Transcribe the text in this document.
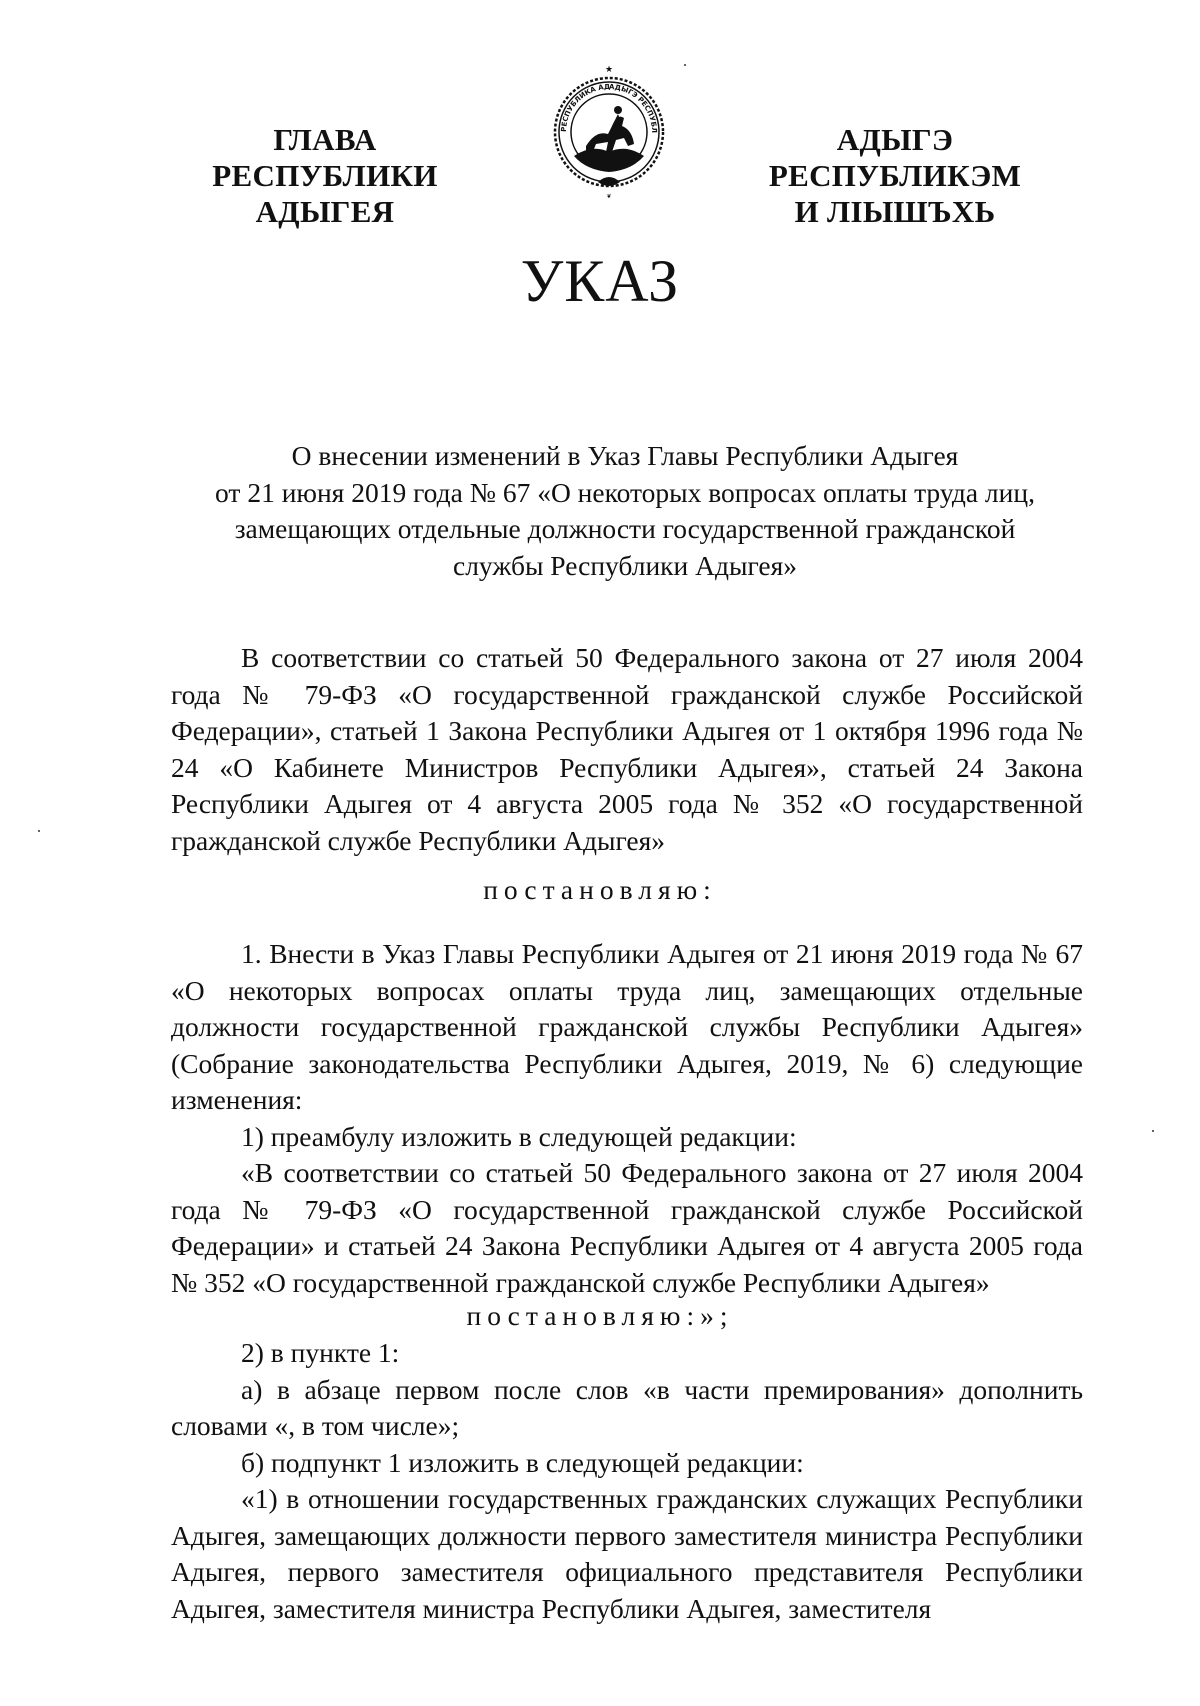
ГЛАВА
РЕСПУБЛИКИ АДЫГЕЯ
РЕСПУБЛИКА АД
АДЫГЭ РЕСПУБЛ
★
❦
АДЫГЭ РЕСПУБЛИКЭМ
И ЛІЫШЪХЬ
УКАЗ
О внесении изменений в Указ Главы Республики Адыгея
от 21 июня 2019 года № 67 «О некоторых вопросах оплаты труда лиц,
замещающих отдельные должности государственной гражданской
службы Республики Адыгея»

В соответствии со статьей 50 Федерального закона от 27 июля 2004 года № 79-ФЗ «О государственной гражданской службе Российской Федерации», статьей 1 Закона Республики Адыгея от 1 октября 1996 года № 24 «О Кабинете Министров Республики Адыгея», статьей 24 Закона Республики Адыгея от 4 августа 2005 года № 352 «О государственной гражданской службе Республики Адыгея»

постановляю:

1. Внести в Указ Главы Республики Адыгея от 21 июня 2019 года № 67 «О некоторых вопросах оплаты труда лиц, замещающих отдельные должности государственной гражданской службы Республики Адыгея» (Собрание законодательства Республики Адыгея, 2019, № 6) следующие изменения:

1) преамбулу изложить в следующей редакции:

«В соответствии со статьей 50 Федерального закона от 27 июля 2004 года № 79-ФЗ «О государственной гражданской службе Российской Федерации» и статьей 24 Закона Республики Адыгея от 4 августа 2005 года № 352 «О государственной гражданской службе Республики Адыгея»

постановляю:»;

2) в пункте 1:

а) в абзаце первом после слов «в части премирования» дополнить словами «, в том числе»;

б) подпункт 1 изложить в следующей редакции:

«1) в отношении государственных гражданских служащих Республики Адыгея, замещающих должности первого заместителя министра Республики Адыгея, первого заместителя официального представителя Республики Адыгея, заместителя министра Республики Адыгея, заместителя
